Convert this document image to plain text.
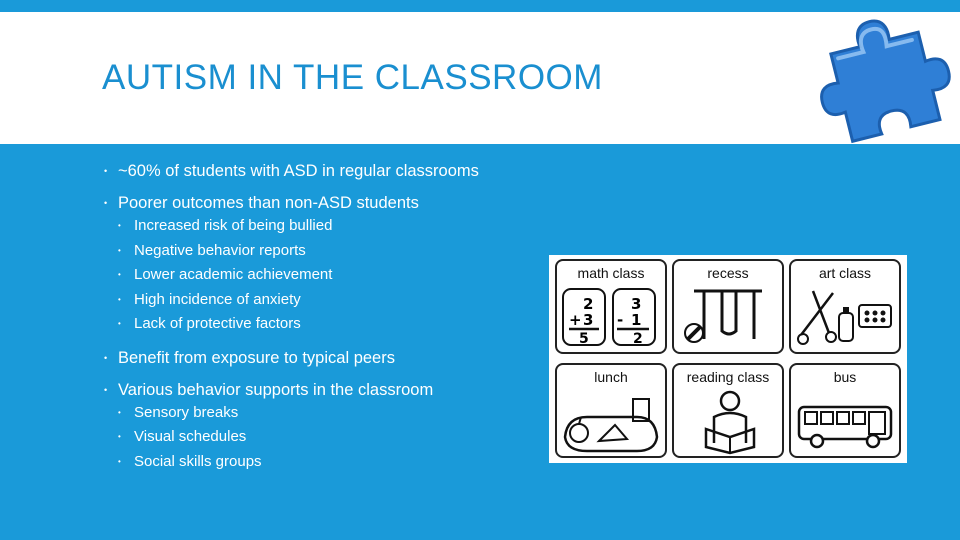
AUTISM IN THE CLASSROOM
• ~60% of students with ASD in regular classrooms
• Poorer outcomes than non-ASD students
• Increased risk of being bullied
• Negative behavior reports
• Lower academic achievement
• High incidence of anxiety
• Lack of protective factors
• Benefit from exposure to typical peers
• Various behavior supports in the classroom
• Sensory breaks
• Visual schedules
• Social skills groups
math class
2
+ 3
5
3
- 1
2
recess	art class
lunch	reading class	bus
